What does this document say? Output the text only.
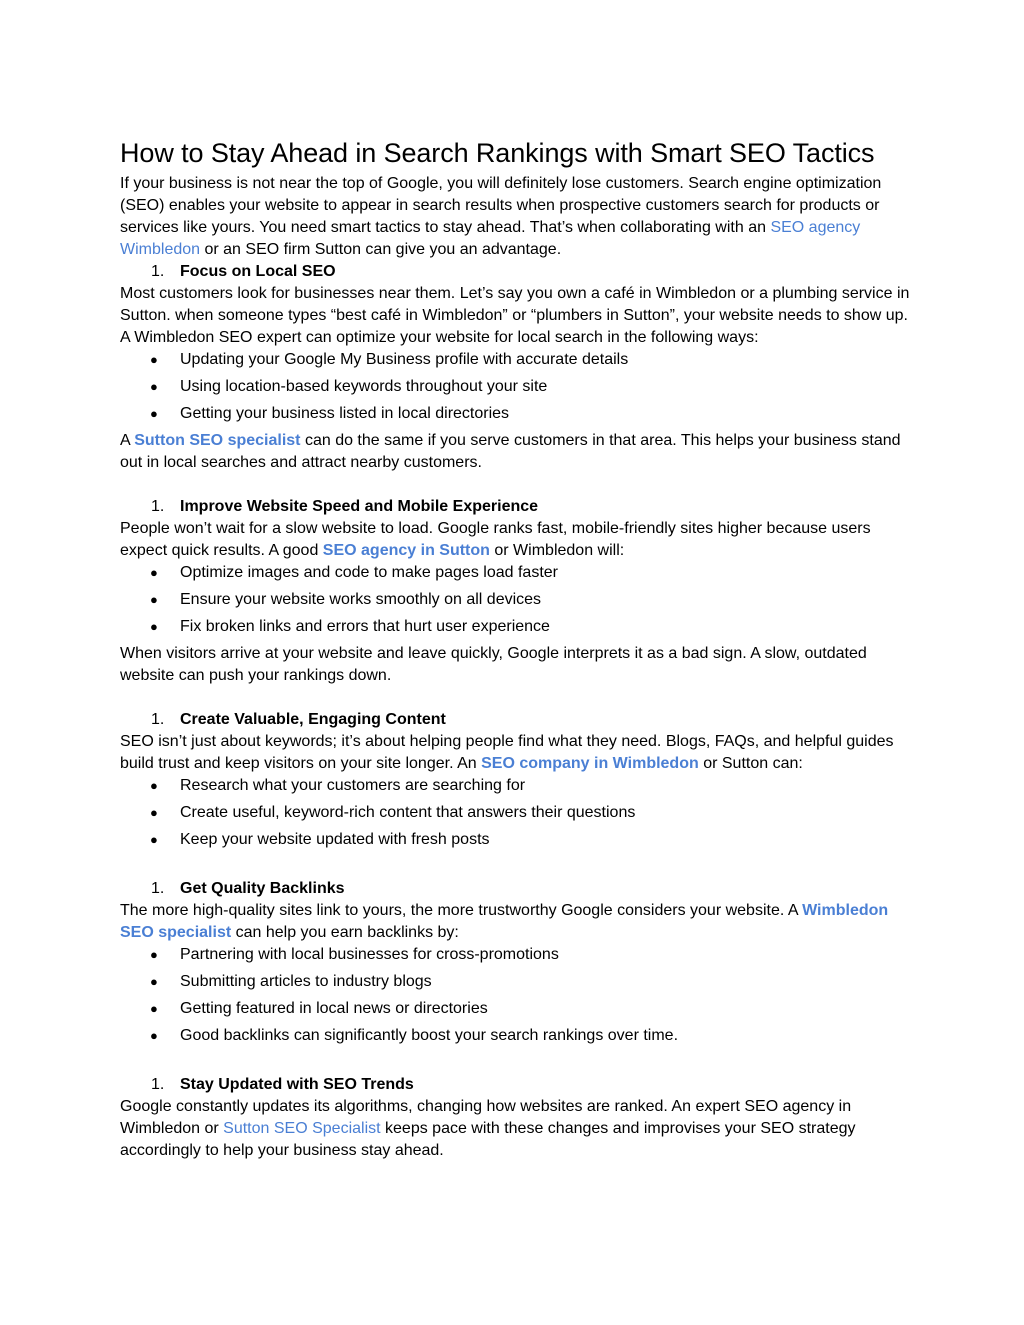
How to Stay Ahead in Search Rankings with Smart SEO Tactics

If your business is not near the top of Google, you will definitely lose customers. Search engine optimization (SEO) enables your website to appear in search results when prospective customers search for products or services like yours. You need smart tactics to stay ahead. That’s when collaborating with an SEO agency Wimbledon or an SEO firm Sutton can give you an advantage.

1. Focus on Local SEO

Most customers look for businesses near them. Let’s say you own a café in Wimbledon or a plumbing service in Sutton. when someone types “best café in Wimbledon” or “plumbers in Sutton”, your website needs to show up. A Wimbledon SEO expert can optimize your website for local search in the following ways:

● Updating your Google My Business profile with accurate details
● Using location-based keywords throughout your site
● Getting your business listed in local directories

A Sutton SEO specialist can do the same if you serve customers in that area. This helps your business stand out in local searches and attract nearby customers.

1. Improve Website Speed and Mobile Experience

People won’t wait for a slow website to load. Google ranks fast, mobile-friendly sites higher because users expect quick results. A good SEO agency in Sutton or Wimbledon will:

● Optimize images and code to make pages load faster
● Ensure your website works smoothly on all devices
● Fix broken links and errors that hurt user experience

When visitors arrive at your website and leave quickly, Google interprets it as a bad sign. A slow, outdated website can push your rankings down.

1. Create Valuable, Engaging Content

SEO isn’t just about keywords; it’s about helping people find what they need. Blogs, FAQs, and helpful guides build trust and keep visitors on your site longer. An SEO company in Wimbledon or Sutton can:

● Research what your customers are searching for
● Create useful, keyword-rich content that answers their questions
● Keep your website updated with fresh posts
1. Get Quality Backlinks

The more high-quality sites link to yours, the more trustworthy Google considers your website. A Wimbledon SEO specialist can help you earn backlinks by:

● Partnering with local businesses for cross-promotions
● Submitting articles to industry blogs
● Getting featured in local news or directories
● Good backlinks can significantly boost your search rankings over time.
1. Stay Updated with SEO Trends

Google constantly updates its algorithms, changing how websites are ranked. An expert SEO agency in Wimbledon or Sutton SEO Specialist keeps pace with these changes and improvises your SEO strategy accordingly to help your business stay ahead.
